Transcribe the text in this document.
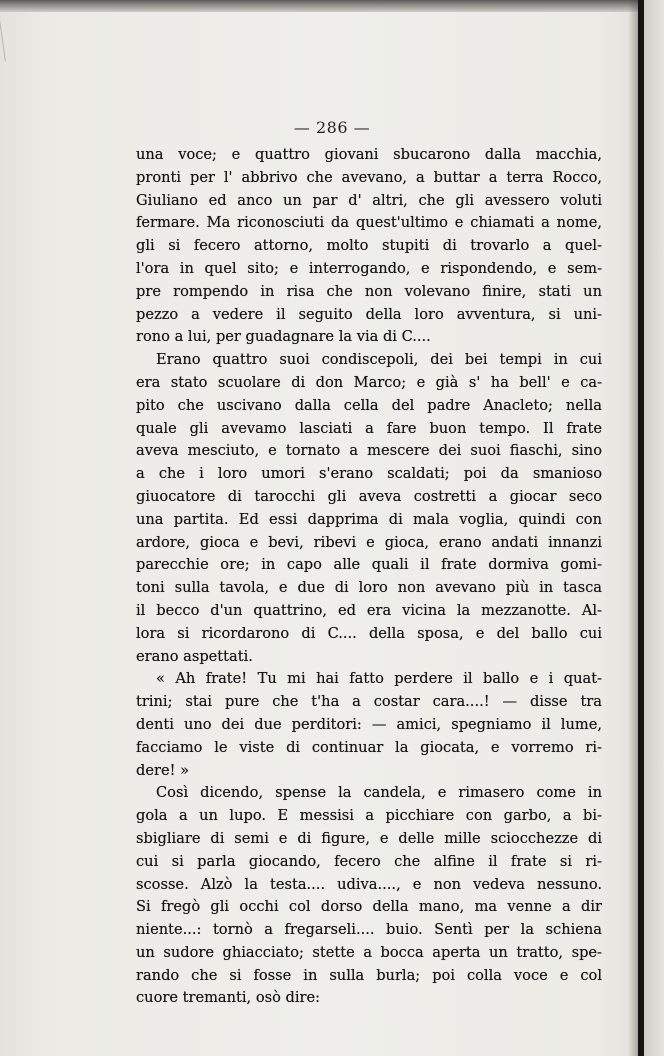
— 286 —
una voce; e quattro giovani sbucarono dalla macchia,
pronti per l' abbrivo che avevano, a buttar a terra Rocco,
Giuliano ed anco un par d' altri, che gli avessero voluti
fermare. Ma riconosciuti da quest'ultimo e chiamati a nome,
gli si fecero attorno, molto stupiti di trovarlo a quel-
l'ora in quel sito; e interrogando, e rispondendo, e sem-
pre rompendo in risa che non volevano finire, stati un
pezzo a vedere il seguito della loro avventura, si uni-
rono a lui, per guadagnare la via di C....
Erano quattro suoi condiscepoli, dei bei tempi in cui
era stato scuolare di don Marco; e già s' ha bell' e ca-
pito che uscivano dalla cella del padre Anacleto; nella
quale gli avevamo lasciati a fare buon tempo. Il frate
aveva mesciuto, e tornato a mescere dei suoi fiaschi, sino
a che i loro umori s'erano scaldati; poi da smanioso
giuocatore di tarocchi gli aveva costretti a giocar seco
una partita. Ed essi dapprima di mala voglia, quindi con
ardore, gioca e bevi, ribevi e gioca, erano andati innanzi
parecchie ore; in capo alle quali il frate dormiva gomi-
toni sulla tavola, e due di loro non avevano più in tasca
il becco d'un quattrino, ed era vicina la mezzanotte. Al-
lora si ricordarono di C.... della sposa, e del ballo cui
erano aspettati.
« Ah frate! Tu mi hai fatto perdere il ballo e i quat-
trini; stai pure che t'ha a costar cara....! — disse tra
denti uno dei due perditori: — amici, spegniamo il lume,
facciamo le viste di continuar la giocata, e vorremo ri-
dere! »
Così dicendo, spense la candela, e rimasero come in
gola a un lupo. E messisi a picchiare con garbo, a bi-
sbigliare di semi e di figure, e delle mille sciocchezze di
cui si parla giocando, fecero che alfine il frate si ri-
scosse. Alzò la testa.... udiva...., e non vedeva nessuno.
Si fregò gli occhi col dorso della mano, ma venne a dir
niente...: tornò a fregarseli.... buio. Sentì per la schiena
un sudore ghiacciato; stette a bocca aperta un tratto, spe-
rando che si fosse in sulla burla; poi colla voce e col
cuore tremanti, osò dire:
